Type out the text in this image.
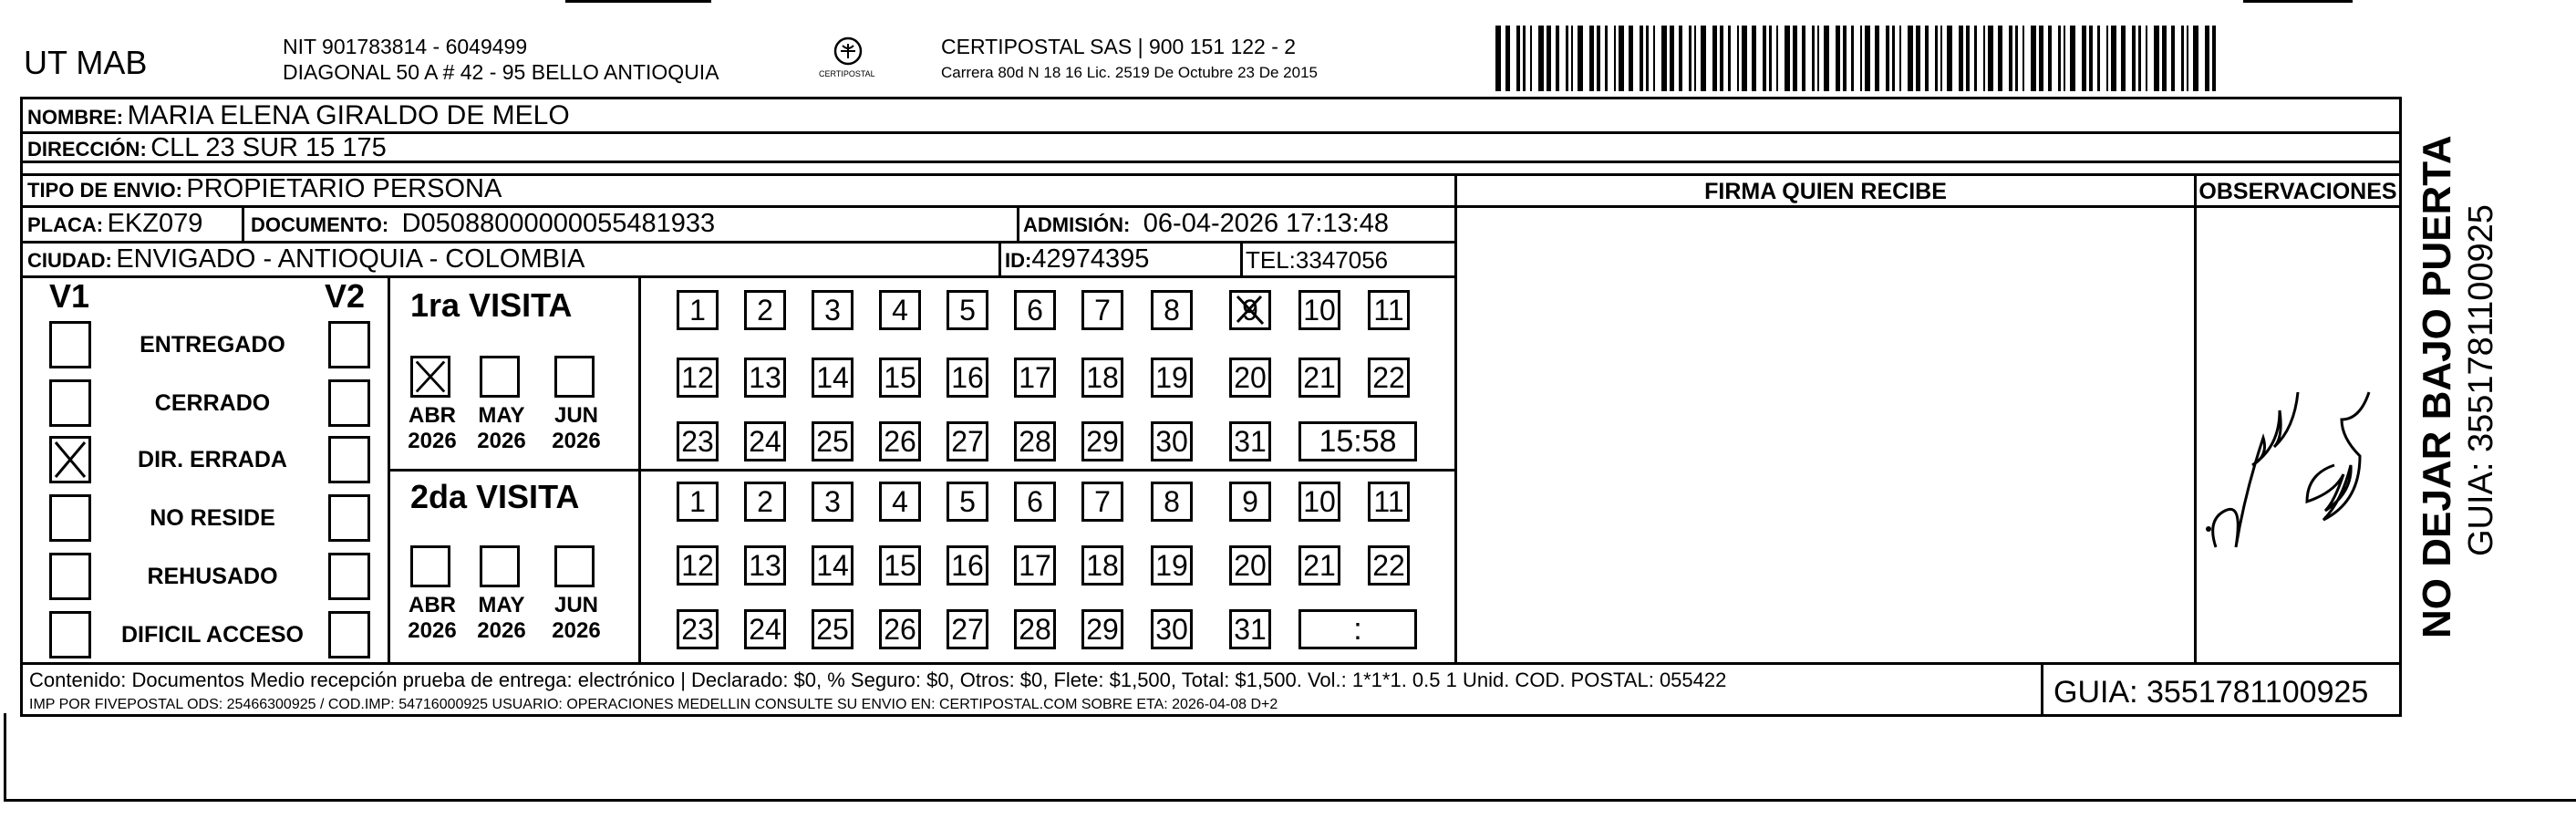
UT MAB	NIT 901783814 - 6049499
DIAGONAL 50 A # 42 - 95 BELLO ANTIOQUIA	CERTIPOSTAL
CERTIPOSTAL SAS | 900 151 122 - 2
Carrera 80d N 18 16 Lic. 2519 De Octubre 23 De 2015
NOMBRE: MARIA ELENA GIRALDO DE MELO
DIRECCIÓN: CLL 23 SUR 15 175
TIPO DE ENVIO: PROPIETARIO PERSONA
PLACA: EKZ079 DOCUMENTO: D05088000000055481933	ADMISIÓN: 06-04-2026 17:13:48
CIUDAD: ENVIGADO - ANTIOQUIA - COLOMBIA	ID:42974395	TEL:3347056
FIRMA QUIEN RECIBE	OBSERVACIONES
V1	V2
ENTREGADO
CERRADO
DIR. ERRADA
NO RESIDE
REHUSADO
DIFICIL ACCESO
1ra VISITA
2da VISITA
ABR
2026
MAY
2026
JUN
2026
ABR
2026
MAY
2026
JUN
2026
1	2	3	4	5	6	7	8	9 10 11
12 13 14 15 16 17 18 19 20 21 22
23 24 25 26 27 28 29 30 31	15:58
1	2	3	4	5	6	7	8	9	10 11
12 13 14 15 16 17 18 19 20 21 22
23 24 25 26 27 28 29 30 31	:
Contenido: Documentos Medio recepción prueba de entrega: electrónico | Declarado: $0, % Seguro: $0, Otros: $0, Flete: $1,500, Total: $1,500. Vol.: 1*1*1. 0.5 1 Unid. COD. POSTAL: 055422
IMP POR FIVEPOSTAL ODS: 25466300925 / COD.IMP: 54716000925 USUARIO: OPERACIONES MEDELLIN CONSULTE SU ENVIO EN: CERTIPOSTAL.COM SOBRE ETA: 2026-04-08 D+2	GUIA: 3551781100925
NO DEJAR BAJO PUERTA GUIA: 3551781100925
